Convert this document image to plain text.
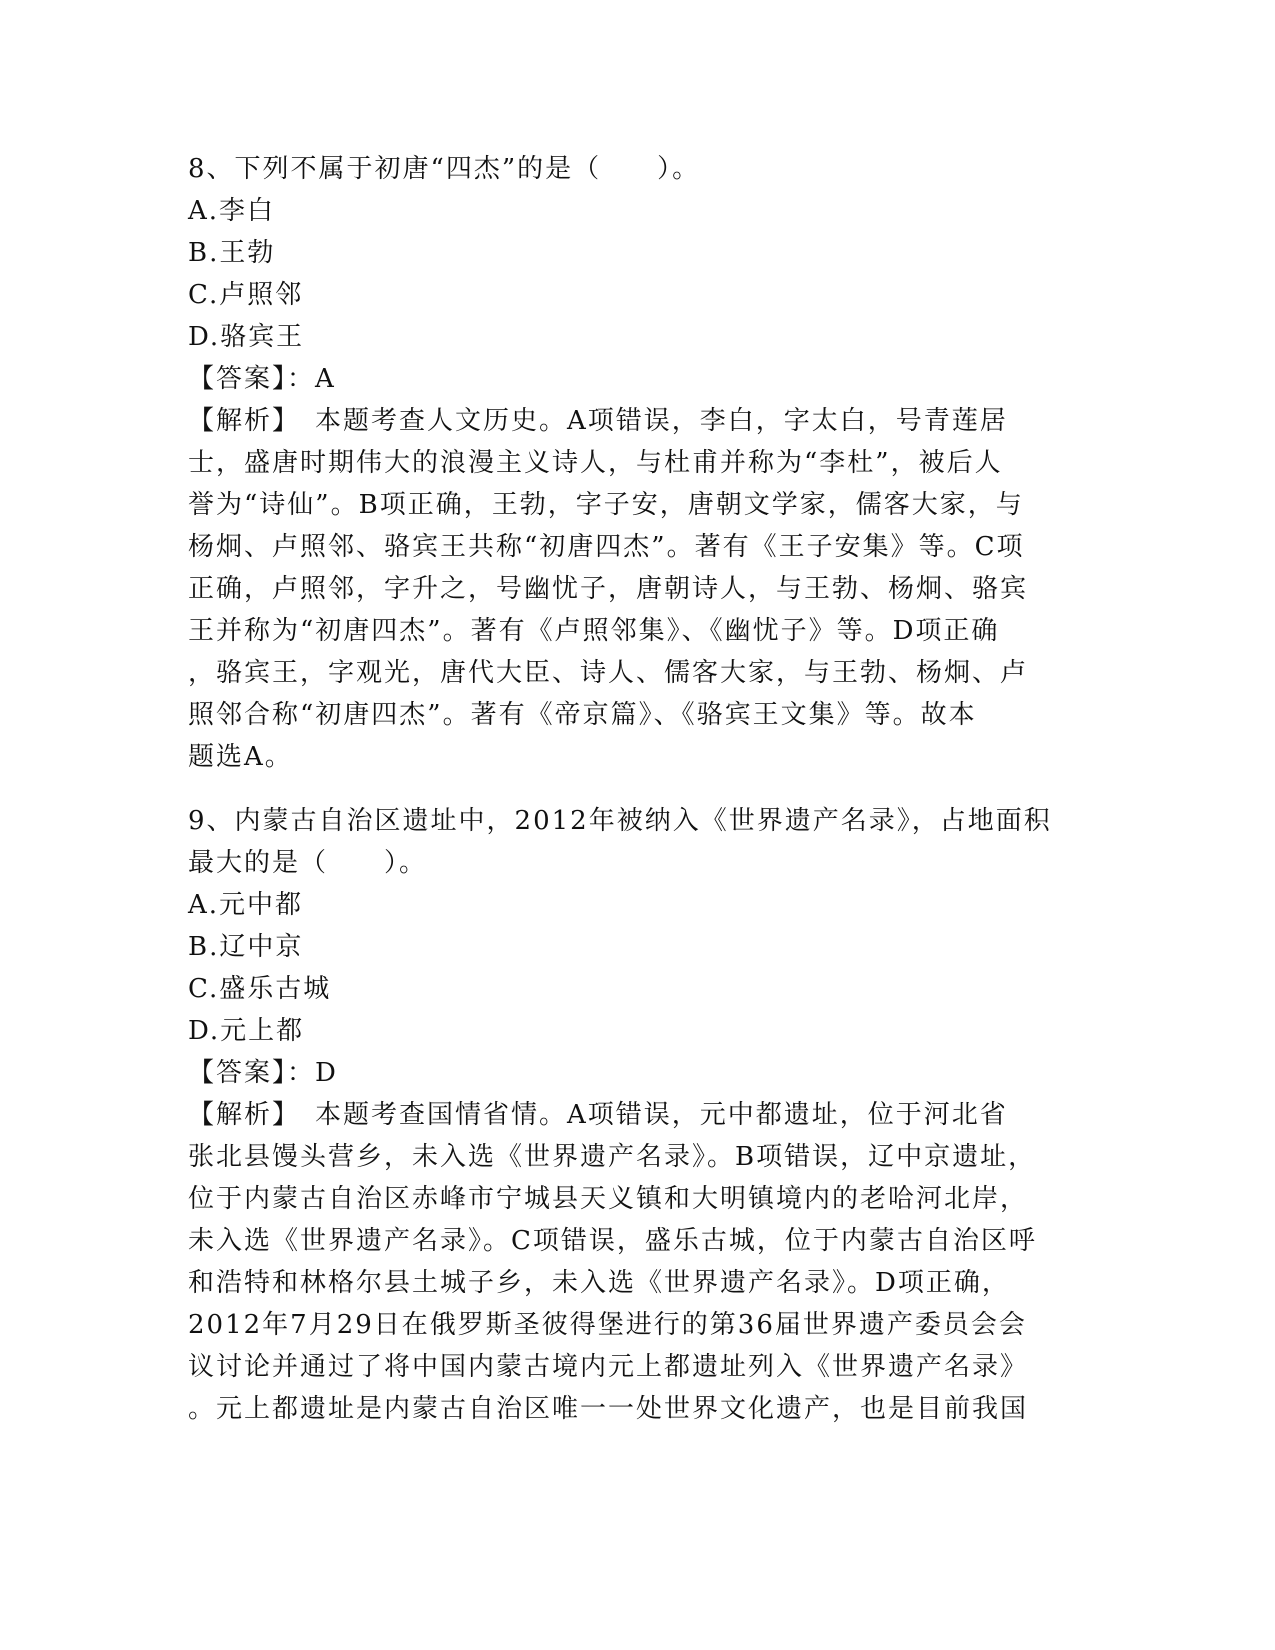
8、下列不属于初唐“四杰”的是（　　）。
A.李白
B.王勃
C.卢照邻
D.骆宾王
【答案】：A
【解析】　本题考查人文历史。A项错误，李白，字太白，号青莲居
士，盛唐时期伟大的浪漫主义诗人，与杜甫并称为“李杜”，被后人
誉为“诗仙”。B项正确，王勃，字子安，唐朝文学家，儒客大家，与
杨炯、卢照邻、骆宾王共称“初唐四杰”。著有《王子安集》等。C项
正确，卢照邻，字升之，号幽忧子，唐朝诗人，与王勃、杨炯、骆宾
王并称为“初唐四杰”。著有《卢照邻集》、《幽忧子》等。D项正确
，骆宾王，字观光，唐代大臣、诗人、儒客大家，与王勃、杨炯、卢
照邻合称“初唐四杰”。著有《帝京篇》、《骆宾王文集》等。故本
题选A。
9、内蒙古自治区遗址中，2012年被纳入《世界遗产名录》，占地面积
最大的是（　　）。
A.元中都
B.辽中京
C.盛乐古城
D.元上都
【答案】：D
【解析】　本题考查国情省情。A项错误，元中都遗址，位于河北省
张北县馒头营乡，未入选《世界遗产名录》。B项错误，辽中京遗址，
位于内蒙古自治区赤峰市宁城县天义镇和大明镇境内的老哈河北岸，
未入选《世界遗产名录》。C项错误，盛乐古城，位于内蒙古自治区呼
和浩特和林格尔县土城子乡，未入选《世界遗产名录》。D项正确，
2012年7月29日在俄罗斯圣彼得堡进行的第36届世界遗产委员会会
议讨论并通过了将中国内蒙古境内元上都遗址列入《世界遗产名录》
。元上都遗址是内蒙古自治区唯一一处世界文化遗产，也是目前我国
